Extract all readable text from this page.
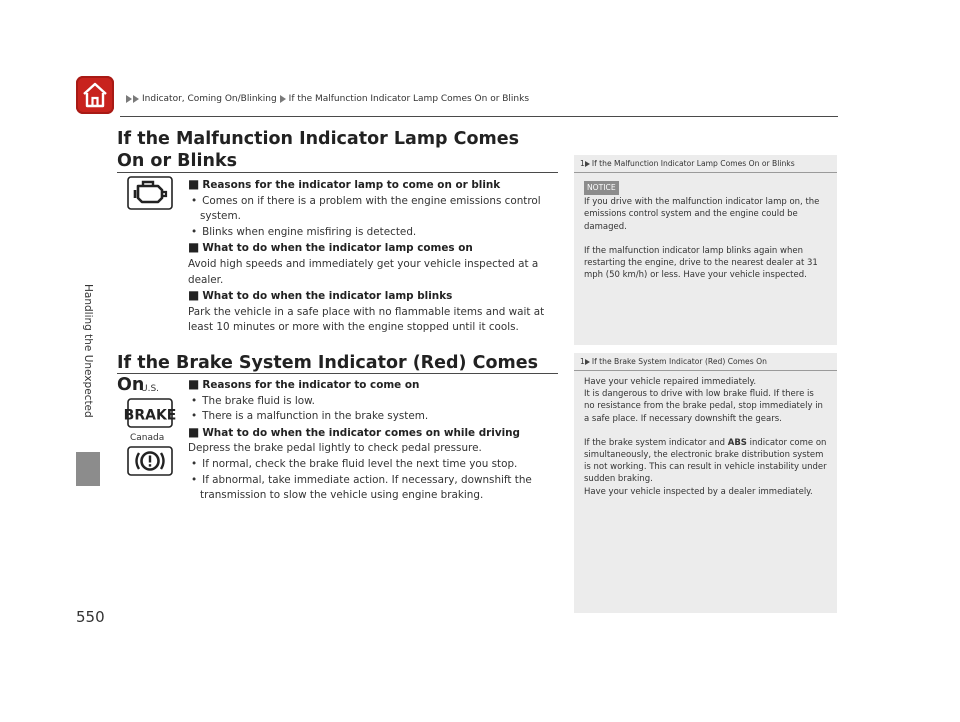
Handling the Unexpected
550
Indicator, Coming On/Blinking If the Malfunction Indicator Lamp Comes On or Blinks
If the Malfunction Indicator Lamp Comes On or Blinks

■ Reasons for the indicator lamp to come on or blink

• Comes on if there is a problem with the engine emissions control system.

• Blinks when engine misfiring is detected.

■ What to do when the indicator lamp comes on

Avoid high speeds and immediately get your vehicle inspected at a dealer.

■ What to do when the indicator lamp blinks

Park the vehicle in a safe place with no flammable items and wait at least 10 minutes or more with the engine stopped until it cools.

If the Brake System Indicator (Red) Comes On
U.S.
BRAKE
Canada

■ Reasons for the indicator to come on

• The brake fluid is low.

• There is a malfunction in the brake system.

■ What to do when the indicator comes on while driving

Depress the brake pedal lightly to check pedal pressure.

• If normal, check the brake fluid level the next time you stop.

• If abnormal, take immediate action. If necessary, downshift the transmission to slow the vehicle using engine braking.

1 If the Malfunction Indicator Lamp Comes On or Blinks
NOTICE

If you drive with the malfunction indicator lamp on, the emissions control system and the engine could be damaged.

If the malfunction indicator lamp blinks again when restarting the engine, drive to the nearest dealer at 31 mph (50 km/h) or less. Have your vehicle inspected.

1 If the Brake System Indicator (Red) Comes On

Have your vehicle repaired immediately.

It is dangerous to drive with low brake fluid. If there is no resistance from the brake pedal, stop immediately in a safe place. If necessary downshift the gears.

If the brake system indicator and ABS indicator come on simultaneously, the electronic brake distribution system is not working. This can result in vehicle instability under sudden braking.

Have your vehicle inspected by a dealer immediately.
